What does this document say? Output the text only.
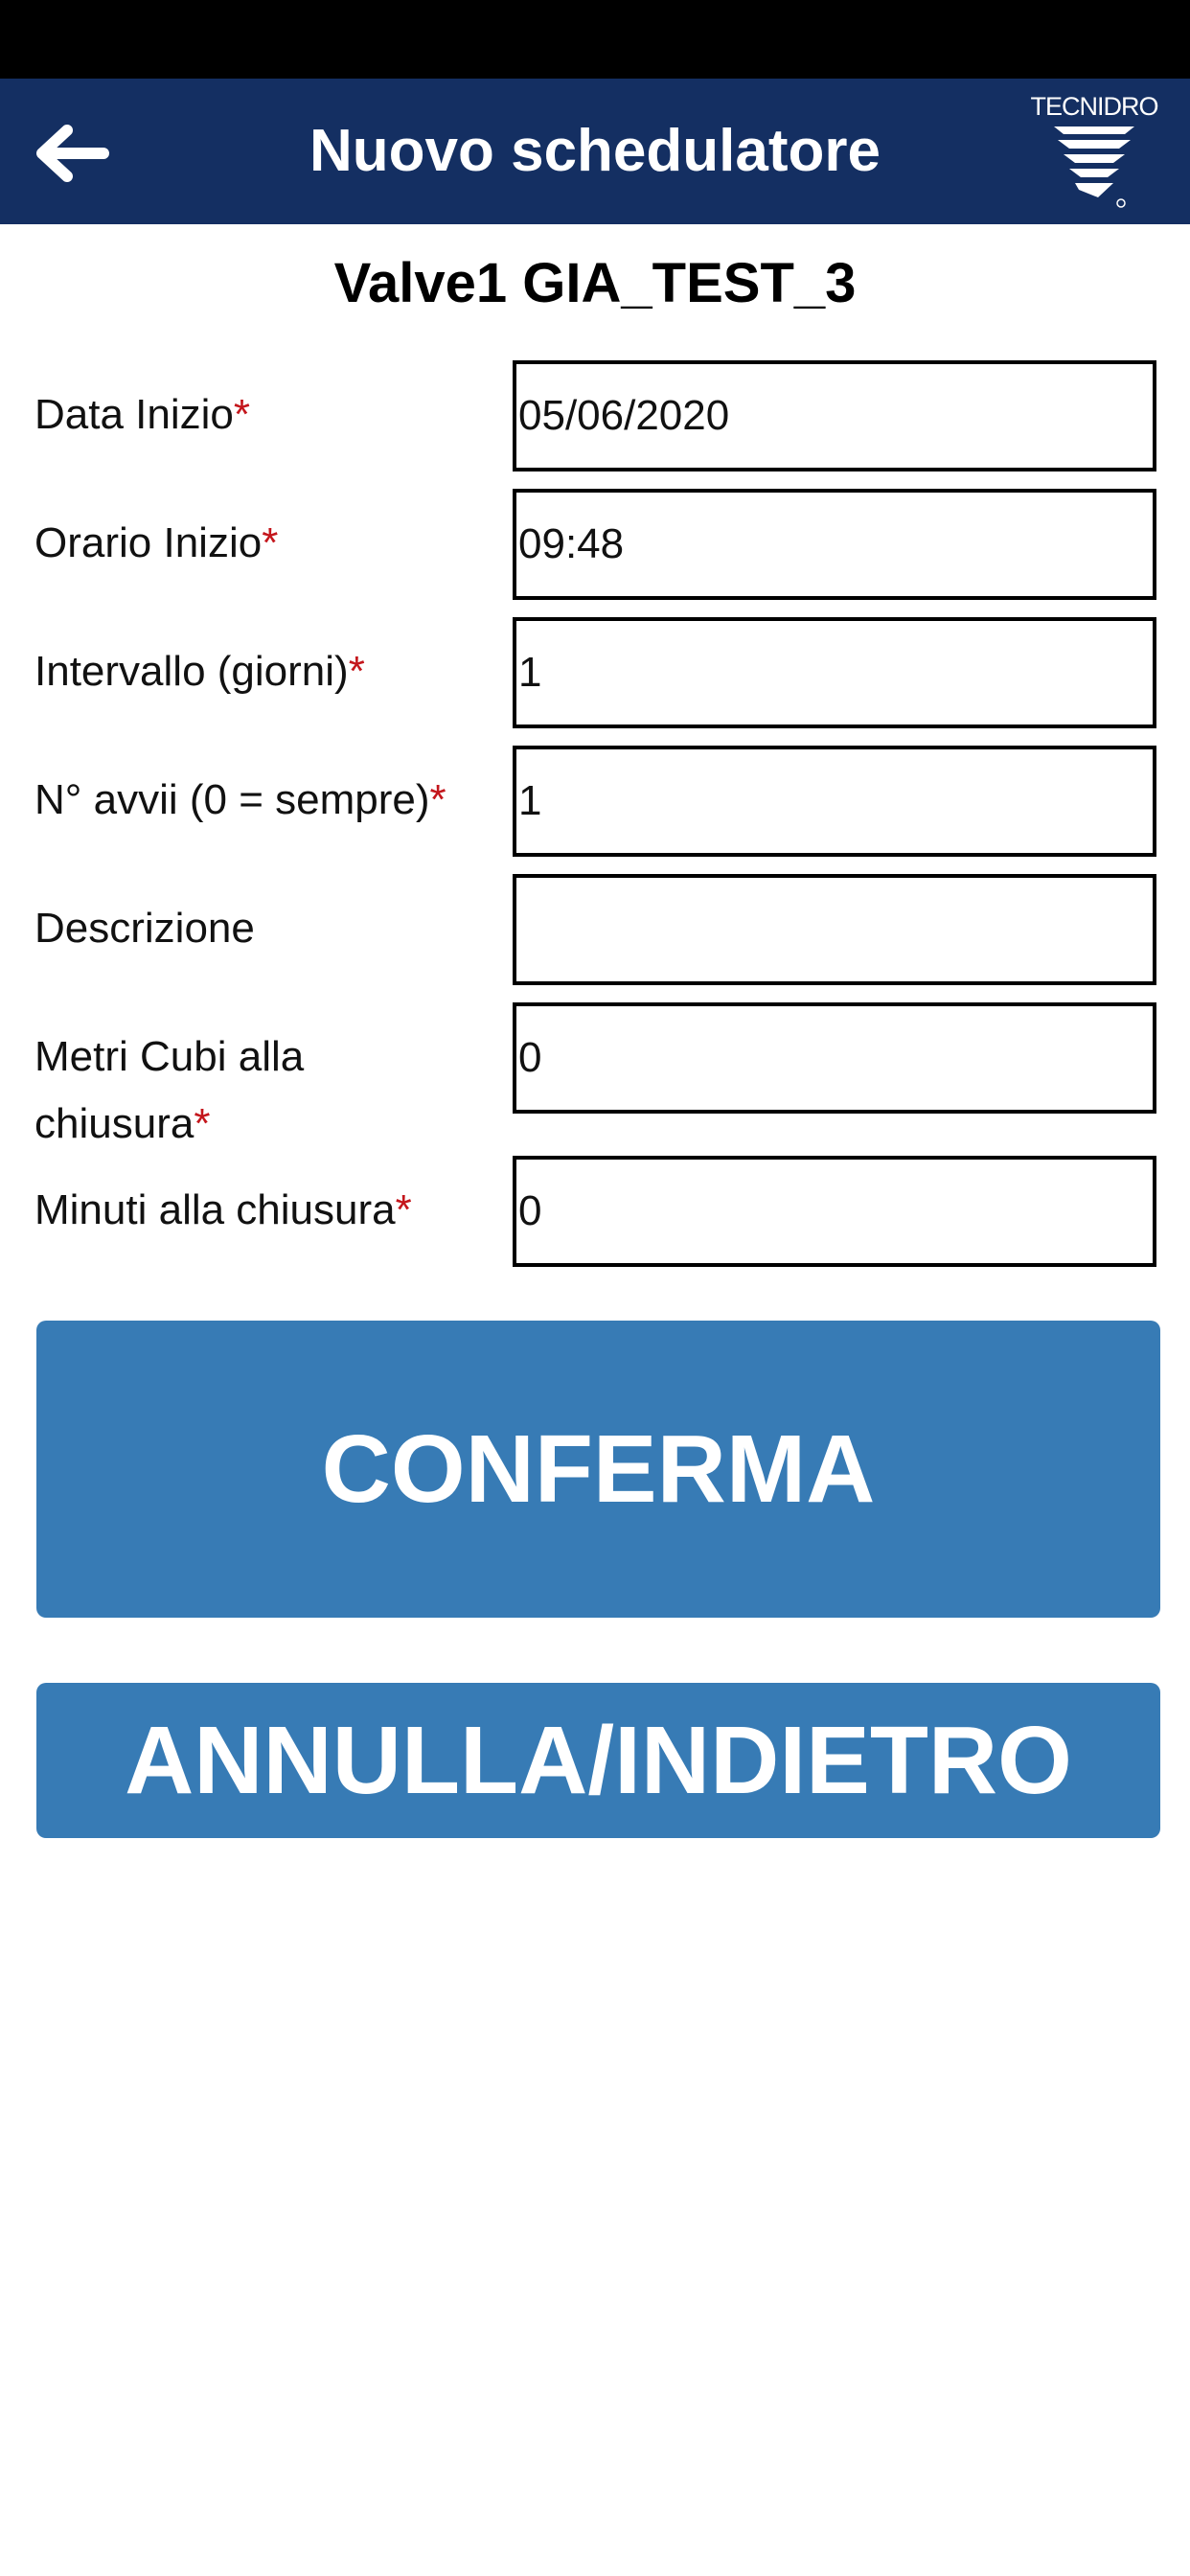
Nuovo schedulatore
TECNIDRO
Valve1 GIA_TEST_3
Data Inizio*
05/06/2020
Orario Inizio*
09:48
Intervallo (giorni)*
1
N° avvii (0 = sempre)*
1
Descrizione
Metri Cubi alla
chiusura*
0
Minuti alla chiusura*
0
CONFERMA
ANNULLA/INDIETRO
